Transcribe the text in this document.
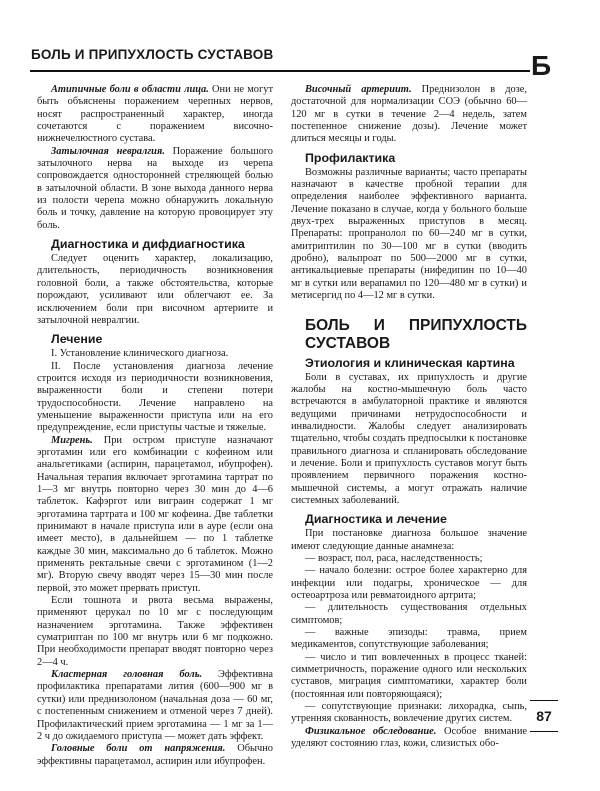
БОЛЬ И ПРИПУХЛОСТЬ СУСТАВОВ	Б

Атипичные боли в области лица. Они не могут быть объяснены поражением черепных нервов, носят распространенный характер, иногда сочетаются с поражением височно-нижнечелюстного сустава.

Затылочная невралгия. Поражение большого затылочного нерва на выходе из черепа сопровождается односторонней стреляющей болью в затылочной области. В зоне выхода данного нерва из полости черепа можно обнаружить локальную боль и точку, давление на которую провоцирует эту боль.

Диагностика и дифдиагностика

Следует оценить характер, локализацию, длительность, периодичность возникновения головной боли, а также обстоятельства, которые порождают, усиливают или облегчают ее. За исключением боли при височном артериите и затылочной невралгии.

Лечение

I. Установление клинического диагноза.

II. После установления диагноза лечение строится исходя из периодичности возникновения, выраженности боли и степени потери трудоспособности. Лечение направлено на уменьшение выраженности приступа или на его предупреждение, если приступы частые и тяжелые.

Мигрень. При остром приступе назначают эрготамин или его комбинации с кофеином или анальгетиками (аспирин, парацетамол, ибупрофен). Начальная терапия включает эрготамина тартрат по 1—3 мг внутрь повторно через 30 мин до 4—6 таблеток. Кафэргот или виграин содержат 1 мг эрготамина тартрата и 100 мг кофеина. Две таблетки принимают в начале приступа или в ауре (если она имеет место), в дальнейшем — по 1 таблетке каждые 30 мин, максимально до 6 таблеток. Можно применять ректальные свечи с эрготамином (1—2 мг). Вторую свечу вводят через 15—30 мин после первой, это может прервать приступ.

Если тошнота и рвота весьма выражены, применяют церукал по 10 мг с последующим назначением эрготамина. Также эффективен суматриптан по 100 мг внутрь или 6 мг подкожно. При необходимости препарат вводят повторно через 2—4 ч.

Кластерная головная боль. Эффективна профилактика препаратами лития (600—900 мг в сутки) или преднизолоном (начальная доза — 60 мг, с постепенным снижением и отменой через 7 дней). Профилактический прием эрготамина — 1 мг за 1—2 ч до ожидаемого приступа — может дать эффект.

Головные боли от напряжения. Обычно эффективны парацетамол, аспирин или ибупрофен.

Височный артериит. Преднизолон в дозе, достаточной для нормализации СОЭ (обычно 60—120 мг в сутки в течение 2—4 недель, затем постепенное снижение дозы). Лечение может длиться месяцы и годы.

Профилактика

Возможны различные варианты; часто препараты назначают в качестве пробной терапии для определения наиболее эффективного варианта. Лечение показано в случае, когда у больного больше двух-трех выраженных приступов в месяц. Препараты: пропранолол по 60—240 мг в сутки, амитриптилин по 30—100 мг в сутки (вводить дробно), вальпроат по 500—2000 мг в сутки, антикальциевые препараты (нифедипин по 10—40 мг в сутки или верапамил по 120—480 мг в сутки) и метисергид по 4—12 мг в сутки.

БОЛЬ И ПРИПУХЛОСТЬ СУСТАВОВ
Этиология и клиническая картина

Боли в суставах, их припухлость и другие жалобы на костно-мышечную боль часто встречаются в амбулаторной практике и являются ведущими причинами нетрудоспособности и инвалидности. Жалобы следует анализировать тщательно, чтобы создать предпосылки к постановке правильного диагноза и спланировать обследование и лечение. Боли и припухлость суставов могут быть проявлением первичного поражения костно-мышечной системы, а могут отражать наличие системных заболеваний.

Диагностика и лечение

При постановке диагноза большое значение имеют следующие данные анамнеза:

— возраст, пол, раса, наследственность;

— начало болезни: острое более характерно для инфекции или подагры, хроническое — для остеоартроза или ревматоидного артрита;

— длительность существования отдельных симптомов;

— важные эпизоды: травма, прием медикаментов, сопутствующие заболевания;

— число и тип вовлеченных в процесс тканей: симметричность, поражение одного или нескольких суставов, миграция симптоматики, характер боли (постоянная или повторяющаяся);

— сопутствующие признаки: лихорадка, сыпь, утренняя скованность, вовлечение других систем.

Физикальное обследование. Особое внимание уделяют состоянию глаз, кожи, слизистых обо-

87
